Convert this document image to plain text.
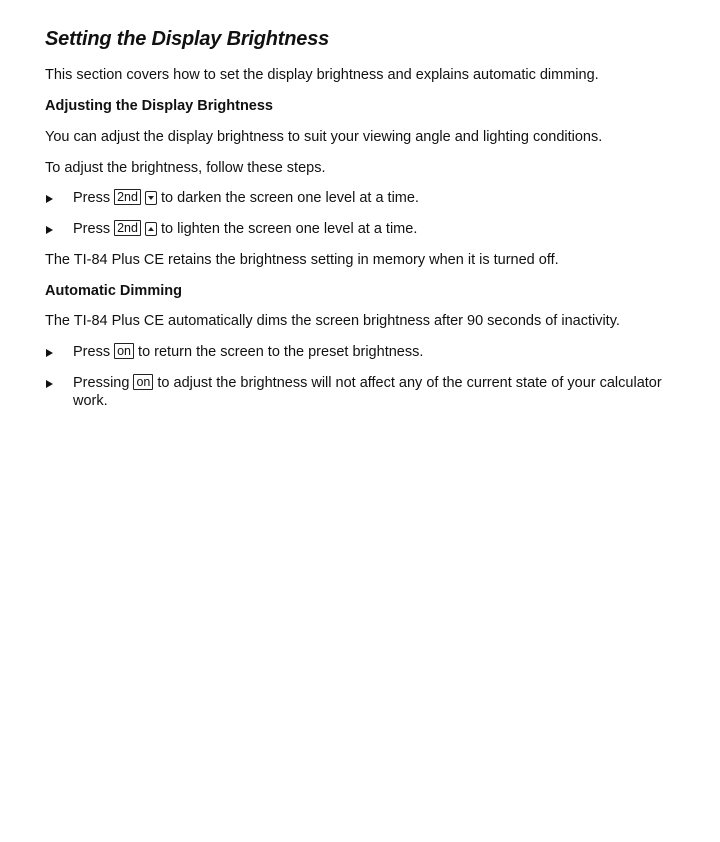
Setting the Display Brightness

This section covers how to set the display brightness and explains automatic dimming.

Adjusting the Display Brightness

You can adjust the display brightness to suit your viewing angle and lighting conditions.

To adjust the brightness, follow these steps.

Press 2nd to darken the screen one level at a time.
Press 2nd to lighten the screen one level at a time.

The TI-84 Plus CE retains the brightness setting in memory when it is turned off.

Automatic Dimming

The TI-84 Plus CE automatically dims the screen brightness after 90 seconds of inactivity.

Press on to return the screen to the preset brightness.
Pressing on to adjust the brightness will not affect any of the current state of your calculator work.
